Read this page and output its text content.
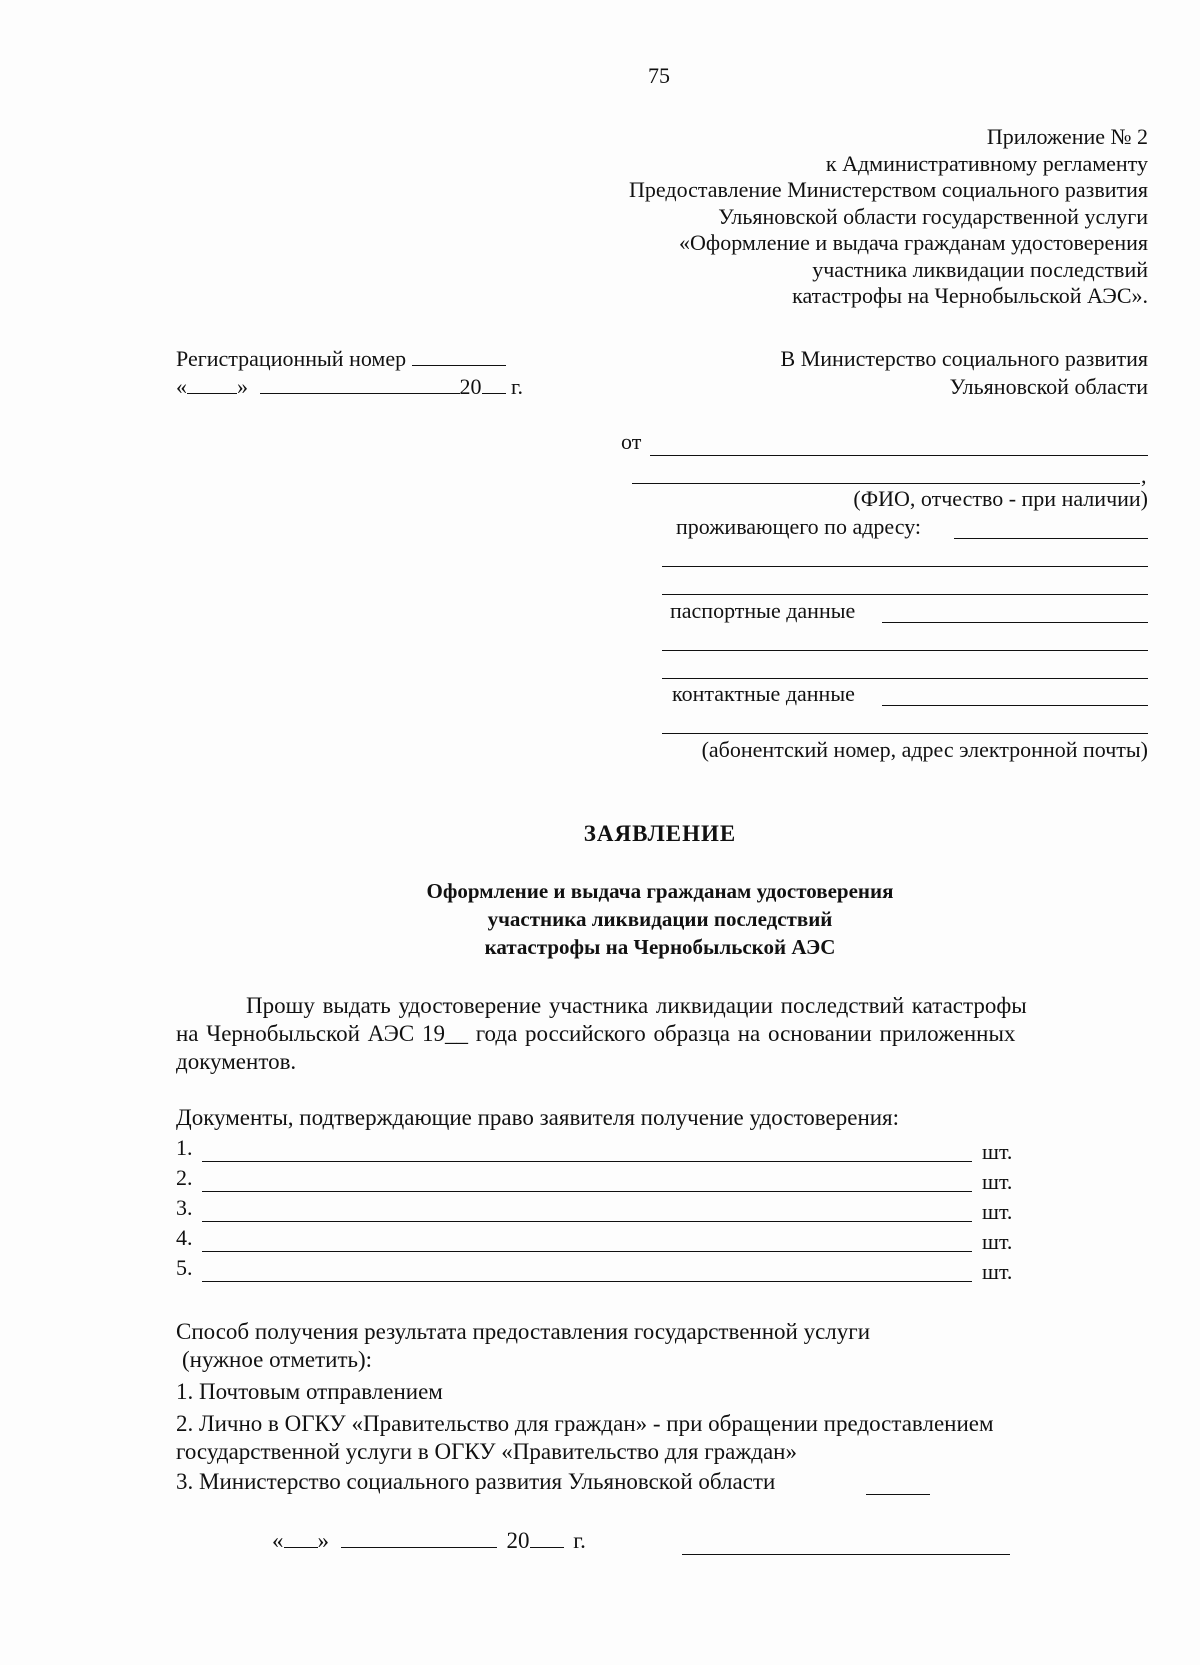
75
Приложение № 2
к Административному регламенту
Предоставление Министерством социального развития
Ульяновской области государственной услуги
«Оформление и выдача гражданам удостоверения
участника ликвидации последствий
катастрофы на Чернобыльской АЭС».
Регистрационный номер
« »	20 г.
В Министерство социального развития
Ульяновской области
от
,
(ФИО, отчество - при наличии)
проживающего по адресу:
паспортные данные
контактные данные
(абонентский номер, адрес электронной почты)
ЗАЯВЛЕНИЕ
Оформление и выдача гражданам удостоверения
участника ликвидации последствий
катастрофы на Чернобыльской АЭС
Прошу выдать удостоверение участника ликвидации последствий катастрофы
на Чернобыльской АЭС 19__ года российского образца на основании приложенных
документов.
Документы, подтверждающие право заявителя получение удостоверения:
1.	шт.
2.	шт.
3.	шт.
4.	шт.
5.	шт.
Способ получения результата предоставления государственной услуги
(нужное отметить):
1. Почтовым отправлением
2. Лично в ОГКУ «Правительство для граждан» - при обращении предоставлением
государственной услуги в ОГКУ «Правительство для граждан»
3. Министерство социального развития Ульяновской области
« »	20 г.
